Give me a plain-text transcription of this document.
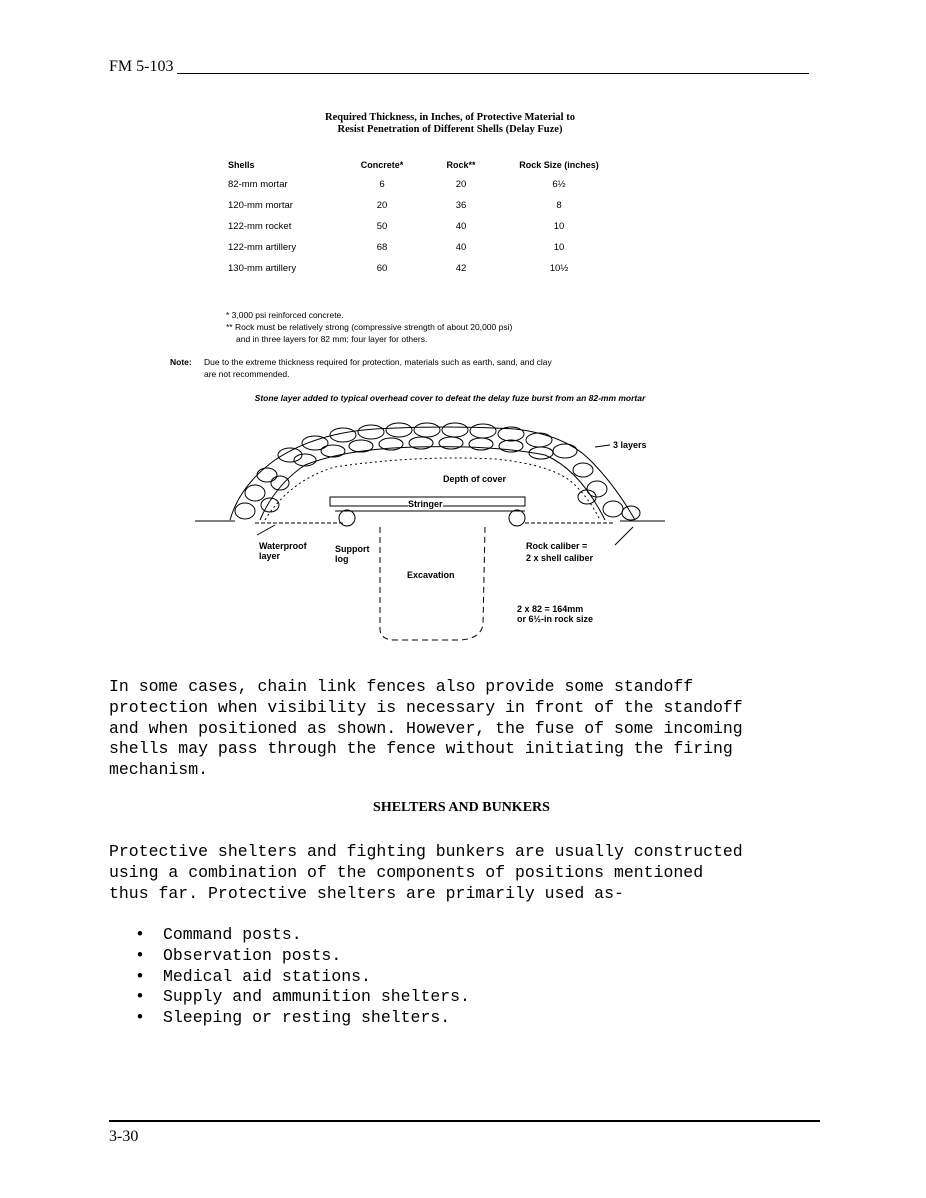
FM 5-103
Required Thickness, in Inches, of Protective Material to
Resist Penetration of Different Shells (Delay Fuze)
Shells	Concrete*	Rock**	Rock Size (inches)
82-mm mortar	6	20	6½
120-mm mortar	20	36	8
122-mm rocket	50	40	10
122-mm artillery	68	40	10
130-mm artillery	60	42	10½
* 3,000 psi reinforced concrete.
** Rock must be relatively strong (compressive strength of about 20,000 psi)
and in three layers for 82 mm; four layer for others.
Note: Due to the extreme thickness required for protection, materials such as earth, sand, and clay
are not recommended.
Stone layer added to typical overhead cover to defeat the delay fuze burst from an 82-mm mortar
3 layers
Depth of cover
Stringer
Waterproof
layer
Support
log
Rock caliber =
2 x shell caliber
Excavation
2 x 82 = 164mm
or 6½-in rock size
In some cases, chain link fences also provide some standoff
protection when visibility is necessary in front of the standoff
and when positioned as shown. However, the fuse of some incoming
shells may pass through the fence without initiating the firing
mechanism.
SHELTERS AND BUNKERS
Protective shelters and fighting bunkers are usually constructed
using a combination of the components of positions mentioned
thus far. Protective shelters are primarily used as-
• Command posts.
• Observation posts.
• Medical aid stations.
• Supply and ammunition shelters.
• Sleeping or resting shelters.
3-30
